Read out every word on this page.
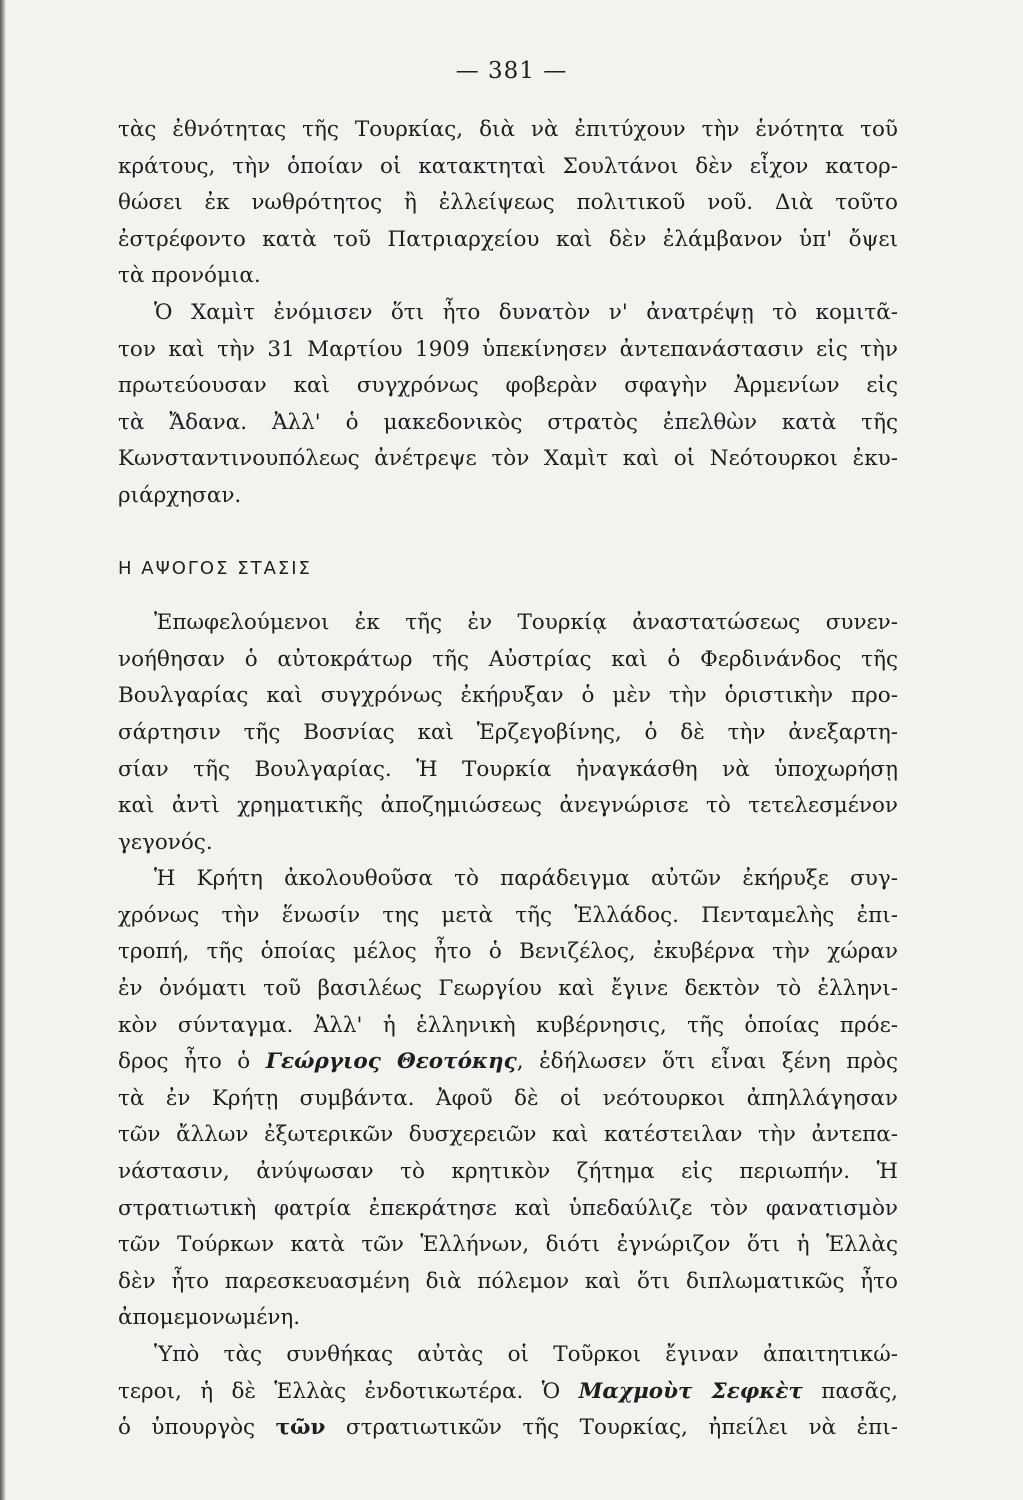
— 381 —
τὰς ἐθνότητας τῆς Τουρκίας, διὰ νὰ ἐπιτύχουν τὴν ἑνότητα τοῦ
κράτους, τὴν ὁποίαν οἱ κατακτηταὶ Σουλτάνοι δὲν εἶχον κατορ-
θώσει ἐκ νωθρότητος ἢ ἐλλείψεως πολιτικοῦ νοῦ. Διὰ τοῦτο
ἐστρέφοντο κατὰ τοῦ Πατριαρχείου καὶ δὲν ἐλάμβανον ὑπ' ὄψει
τὰ προνόμια.
Ὁ Χαμὶτ ἐνόμισεν ὅτι ἦτο δυνατὸν ν' ἀνατρέψῃ τὸ κομιτᾶ-
τον καὶ τὴν 31 Μαρτίου 1909 ὑπεκίνησεν ἀντεπανάστασιν εἰς τὴν
πρωτεύουσαν καὶ συγχρόνως φοβερὰν σφαγὴν Ἀρμενίων εἰς
τὰ Ἄδανα. Ἀλλ' ὁ μακεδονικὸς στρατὸς ἐπελθὼν κατὰ τῆς
Κωνσταντινουπόλεως ἀνέτρεψε τὸν Χαμὶτ καὶ οἱ Νεότουρκοι ἐκυ-
ριάρχησαν.
Η ΑΨΟΓΟΣ ΣΤΑΣΙΣ
Ἐπωφελούμενοι ἐκ τῆς ἐν Τουρκίᾳ ἀναστατώσεως συνεν-
νοήθησαν ὁ αὐτοκράτωρ τῆς Αὐστρίας καὶ ὁ Φερδινάνδος τῆς
Βουλγαρίας καὶ συγχρόνως ἐκήρυξαν ὁ μὲν τὴν ὁριστικὴν προ-
σάρτησιν τῆς Βοσνίας καὶ Ἑρζεγοβίνης, ὁ δὲ τὴν ἀνεξαρτη-
σίαν τῆς Βουλγαρίας. Ἡ Τουρκία ἠναγκάσθη νὰ ὑποχωρήσῃ
καὶ ἀντὶ χρηματικῆς ἀποζημιώσεως ἀνεγνώρισε τὸ τετελεσμένον
γεγονός.
Ἡ Κρήτη ἀκολουθοῦσα τὸ παράδειγμα αὐτῶν ἐκήρυξε συγ-
χρόνως τὴν ἕνωσίν της μετὰ τῆς Ἑλλάδος. Πενταμελὴς ἐπι-
τροπή, τῆς ὁποίας μέλος ἦτο ὁ Βενιζέλος, ἐκυβέρνα τὴν χώραν
ἐν ὀνόματι τοῦ βασιλέως Γεωργίου καὶ ἔγινε δεκτὸν τὸ ἑλληνι-
κὸν σύνταγμα. Ἀλλ' ἡ ἑλληνικὴ κυβέρνησις, τῆς ὁποίας πρόε-
δρος ἦτο ὁ Γεώργιος Θεοτόκης, ἐδήλωσεν ὅτι εἶναι ξένη πρὸς
τὰ ἐν Κρήτῃ συμβάντα. Ἀφοῦ δὲ οἱ νεότουρκοι ἀπηλλάγησαν
τῶν ἄλλων ἐξωτερικῶν δυσχερειῶν καὶ κατέστειλαν τὴν ἀντεπα-
νάστασιν, ἀνύψωσαν τὸ κρητικὸν ζήτημα εἰς περιωπήν. Ἡ
στρατιωτικὴ φατρία ἐπεκράτησε καὶ ὑπεδαύλιζε τὸν φανατισμὸν
τῶν Τούρκων κατὰ τῶν Ἑλλήνων, διότι ἐγνώριζον ὅτι ἡ Ἑλλὰς
δὲν ἦτο παρεσκευασμένη διὰ πόλεμον καὶ ὅτι διπλωματικῶς ἦτο
ἀπομεμονωμένη.
Ὑπὸ τὰς συνθήκας αὐτὰς οἱ Τοῦρκοι ἔγιναν ἀπαιτητικώ-
τεροι, ἡ δὲ Ἑλλὰς ἐνδοτικωτέρα. Ὁ Μαχμοὺτ Σεφκὲτ πασᾶς,
ὁ ὑπουργὸς τῶν στρατιωτικῶν τῆς Τουρκίας, ἠπείλει νὰ ἐπι-
